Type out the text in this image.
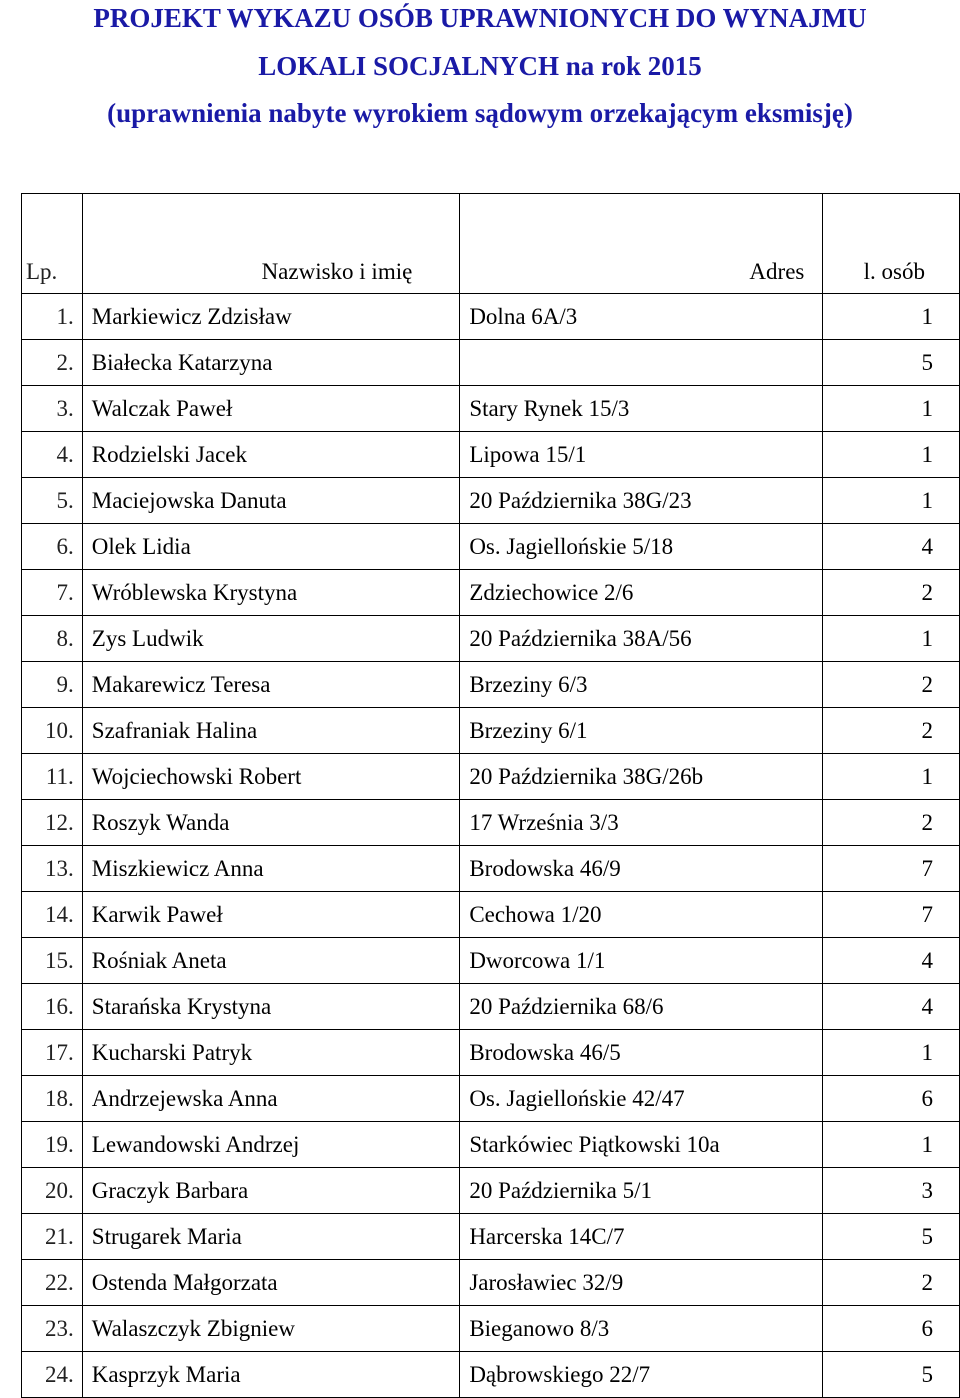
PROJEKT WYKAZU OSÓB UPRAWNIONYCH DO WYNAJMU
LOKALI SOCJALNYCH na rok 2015
(uprawnienia nabyte wyrokiem sądowym orzekającym eksmisję)
Lp.	Nazwisko i imię	Adres	l. osób
1.	Markiewicz Zdzisław	Dolna 6A/3	1
2.	Białecka Katarzyna		5
3.	Walczak Paweł	Stary Rynek 15/3	1
4.	Rodzielski Jacek	Lipowa 15/1	1
5.	Maciejowska Danuta	20 Października 38G/23	1
6.	Olek Lidia	Os. Jagiellońskie 5/18	4
7.	Wróblewska Krystyna	Zdziechowice 2/6	2
8.	Zys Ludwik	20 Października 38A/56	1
9.	Makarewicz Teresa	Brzeziny 6/3	2
10.	Szafraniak Halina	Brzeziny 6/1	2
11.	Wojciechowski Robert	20 Października 38G/26b	1
12.	Roszyk Wanda	17 Września 3/3	2
13.	Miszkiewicz Anna	Brodowska 46/9	7
14.	Karwik Paweł	Cechowa 1/20	7
15.	Rośniak Aneta	Dworcowa 1/1	4
16.	Starańska Krystyna	20 Października 68/6	4
17.	Kucharski Patryk	Brodowska 46/5	1
18.	Andrzejewska Anna	Os. Jagiellońskie 42/47	6
19.	Lewandowski Andrzej	Starkówiec Piątkowski 10a	1
20.	Graczyk Barbara	20 Października 5/1	3
21.	Strugarek Maria	Harcerska 14C/7	5
22.	Ostenda Małgorzata	Jarosławiec 32/9	2
23.	Walaszczyk Zbigniew	Bieganowo 8/3	6
24.	Kasprzyk Maria	Dąbrowskiego 22/7	5
